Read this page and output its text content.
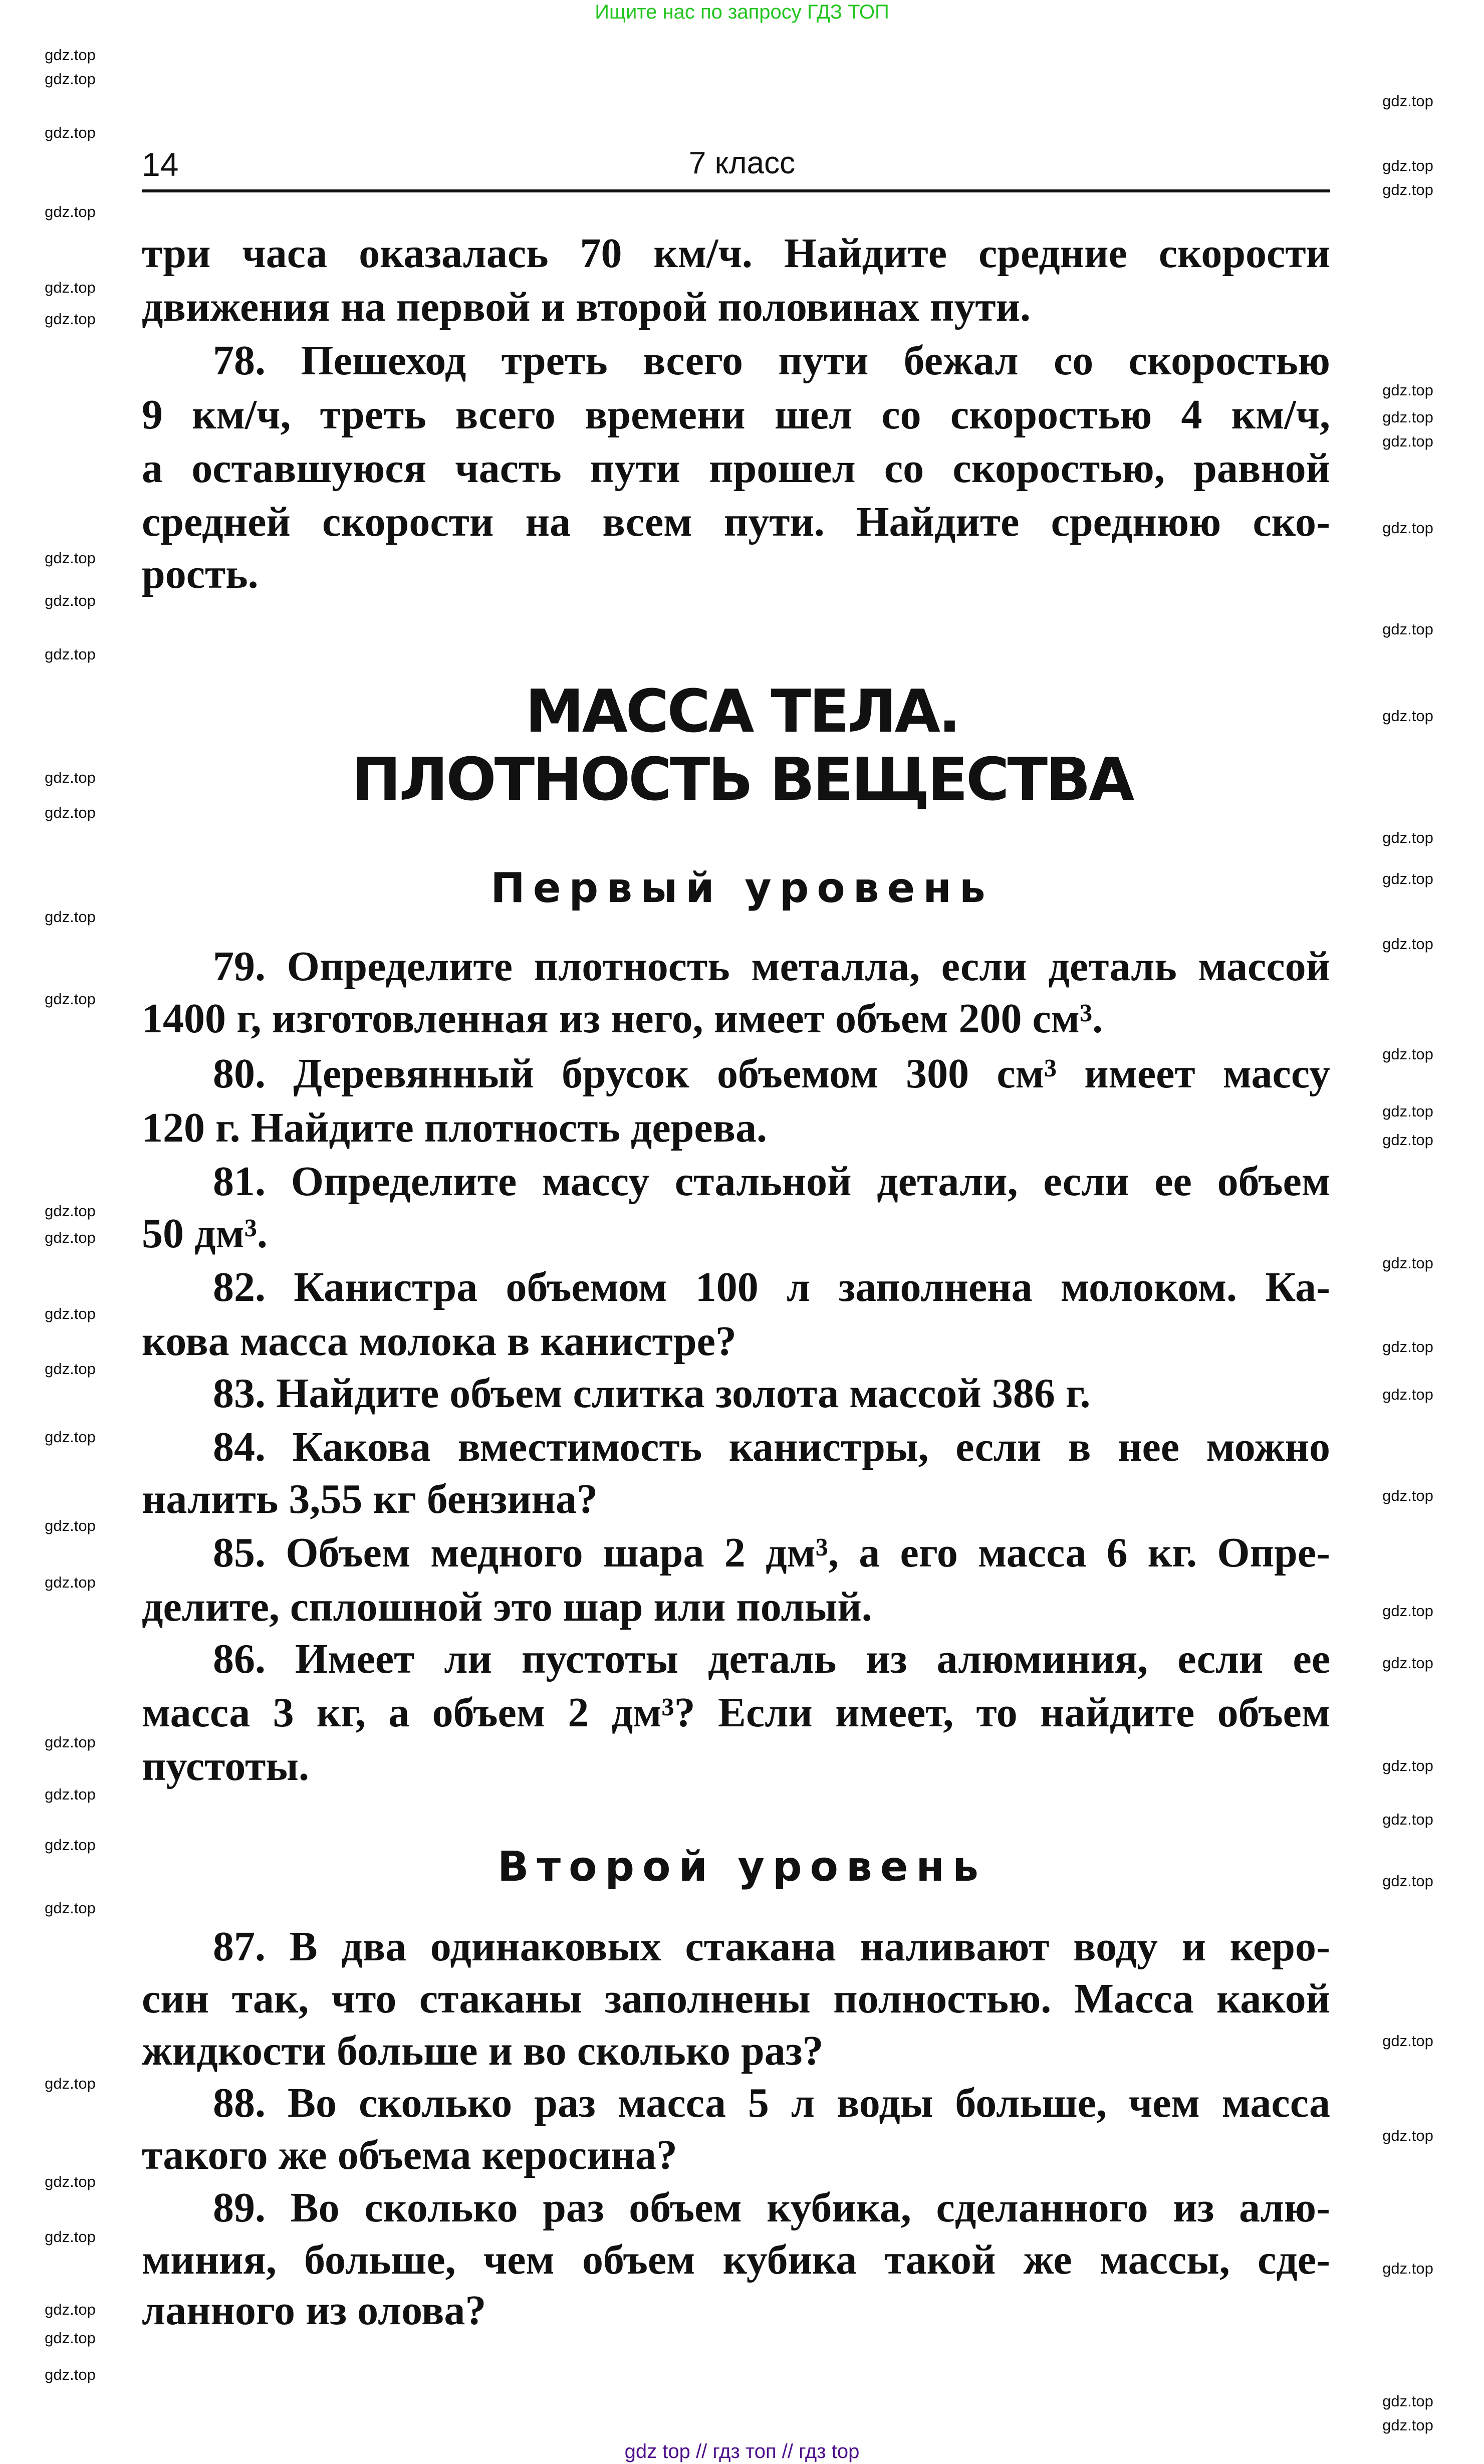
Ищите нас по запросу ГДЗ ТОП
14	7 класс
МАССА ТЕЛА.
ПЛОТНОСТЬ ВЕЩЕСТВА
Первый уровень
Второй уровень
три часа оказалась 70 км/ч. Найдите средние скорости
движения на первой и второй половинах пути.
78. Пешеход треть всего пути бежал со скоростью
9 км/ч, треть всего времени шел со скоростью 4 км/ч,
а оставшуюся часть пути прошел со скоростью, равной
средней скорости на всем пути. Найдите среднюю ско-
рость.
79. Определите плотность металла, если деталь массой
1400 г, изготовленная из него, имеет объем 200 см³.
80. Деревянный брусок объемом 300 см³ имеет массу
120 г. Найдите плотность дерева.
81. Определите массу стальной детали, если ее объем
50 дм³.
82. Канистра объемом 100 л заполнена молоком. Ка-
кова масса молока в канистре?
83. Найдите объем слитка золота массой 386 г.
84. Какова вместимость канистры, если в нее можно
налить 3,55 кг бензина?
85. Объем медного шара 2 дм³, а его масса 6 кг. Опре-
делите, сплошной это шар или полый.
86. Имеет ли пустоты деталь из алюминия, если ее
масса 3 кг, а объем 2 дм³? Если имеет, то найдите объем
пустоты.
87. В два одинаковых стакана наливают воду и керо-
син так, что стаканы заполнены полностью. Масса какой
жидкости больше и во сколько раз?
88. Во сколько раз масса 5 л воды больше, чем масса
такого же объема керосина?
89. Во сколько раз объем кубика, сделанного из алю-
миния, больше, чем объем кубика такой же массы, сде-
ланного из олова?
gdz top // гдз топ // гдз top
gdz.top
gdz.top
gdz.top
gdz.top
gdz.top
gdz.top
gdz.top
gdz.top
gdz.top
gdz.top
gdz.top
gdz.top
gdz.top
gdz.top
gdz.top
gdz.top
gdz.top
gdz.top
gdz.top
gdz.top
gdz.top
gdz.top
gdz.top
gdz.top
gdz.top
gdz.top
gdz.top
gdz.top
gdz.top
gdz.top
gdz.top
gdz.top
gdz.top
gdz.top
gdz.top
gdz.top
gdz.top
gdz.top
gdz.top
gdz.top
gdz.top
gdz.top
gdz.top
gdz.top
gdz.top
gdz.top
gdz.top
gdz.top
gdz.top
gdz.top
gdz.top
gdz.top
gdz.top
gdz.top
gdz.top
gdz.top
gdz.top
gdz.top
gdz.top
